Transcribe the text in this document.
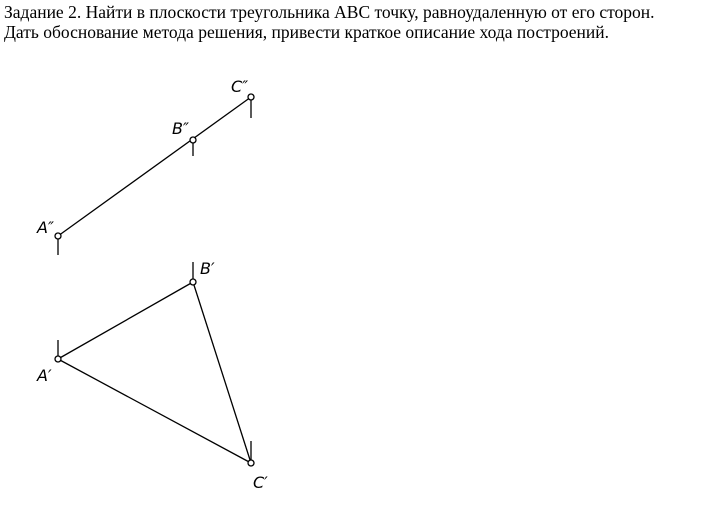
Задание 2. Найти в плоскости треугольника ABC точку, равноудаленную от его сторон.
Дать обоснование метода решения, привести краткое описание хода построений.
A″
B″
C″
A′
B′
C′
